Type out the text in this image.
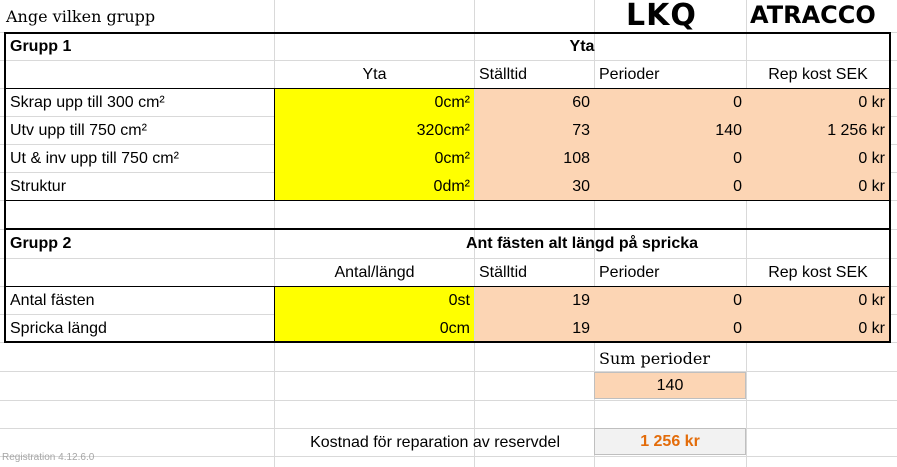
Ange vilken grupp	LKQ	ATRACCO
Grupp 1	Yta
Yta	Ställtid	Perioder	Rep kost SEK
Skrap upp till 300 cm²	0cm²	60	0	0 kr
Utv upp till 750 cm²	320cm²	73	140	1 256 kr
Ut & inv upp till 750 cm²	0cm²	108	0	0 kr
Struktur	0dm²	30	0	0 kr
Grupp 2	Ant fästen alt längd på spricka
Antal/längd	Ställtid	Perioder	Rep kost SEK
Antal fästen	0st	19	0	0 kr
Spricka längd	0cm	19	0	0 kr
Sum perioder
140
Kostnad för reparation av reservdel	1 256 kr
Registration 4.12.6.0
